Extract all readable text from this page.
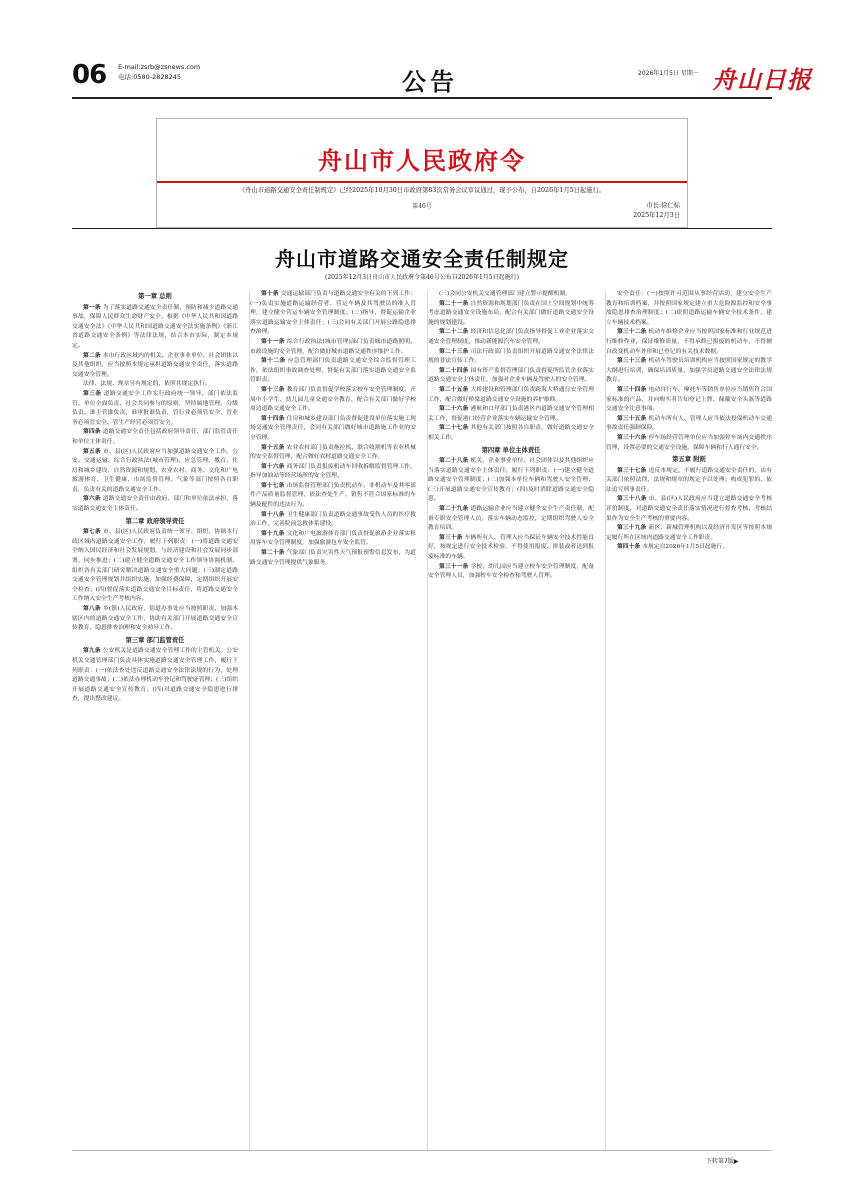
06 E-mail:zsrb@zsnews.com
电话:0580-2828245	公告	2026年1月5日 星期一 舟山日报
舟山市人民政府令
第46号
《舟山市道路交通安全责任制规定》已经2025年10月30日市政府第83次常务会议审议通过，现予公布，自2026年1月5日起施行。
市长:徐仁标
2025年12月3日
舟山市道路交通安全责任制规定
(2025年12月3日舟山市人民政府令第46号公布自2026年1月5日起施行)

第一章 总则

第一条 为了落实道路交通安全责任制，预防和减少道路交通事故，保障人民群众生命财产安全，根据《中华人民共和国道路交通安全法》《中华人民共和国道路交通安全法实施条例》《浙江省道路交通安全条例》等法律法规，结合本市实际，制定本规定。

第二条 本市行政区域内的机关、企业事业单位、社会团体以及其他组织，应当按照本规定承担道路交通安全责任，落实道路交通安全管理。

法律、法规、规章另有规定的，依照其规定执行。

第三条 道路交通安全工作实行政府统一领导、部门依法监管、单位全面负责、社会共同参与的原则，坚持属地管理、分级负责、谁主管谁负责、谁审批谁负责，管行业必须管安全、管业务必须管安全、管生产经营必须管安全。

第四条 道路交通安全责任包括政府领导责任、部门监管责任和单位主体责任。

第五条 市、县(区)人民政府应当加强道路交通安全工作。公安、交通运输、综合行政执法(城市管理)、应急管理、教育、住房和城乡建设、自然资源和规划、农业农村、商务、文化和广电旅游体育、卫生健康、市场监督管理、气象等部门按照各自职责，负责有关的道路交通安全工作。

第六条 道路交通安全责任由政府、部门和单位依法承担，落实道路交通安全主体责任。

第二章 政府领导责任

第七条 市、县(区)人民政府负责统一领导、组织、协调本行政区域内道路交通安全工作，履行下列职责：(一)将道路交通安全纳入国民经济和社会发展规划，与经济建设和社会发展同步部署、同步推进；(二)建立健全道路交通安全工作领导协调机制，组织各有关部门研究解决道路交通安全重大问题；(三)制定道路交通安全管理规划并组织实施，加强经费保障，定期组织开展安全检查；(四)督促落实道路交通安全目标责任，将道路交通安全工作纳入安全生产考核内容。

第八条 乡(镇)人民政府、街道办事处应当按照职责，加强本辖区内的道路交通安全工作，协助有关部门开展道路交通安全宣传教育、隐患排查治理和安全劝导工作。

第三章 部门监管责任

第九条 公安机关是道路交通安全管理工作的主管机关。公安机关交通管理部门负责具体实施道路交通安全管理工作，履行下列职责：(一)依法查处违反道路交通安全法律法规的行为，处理道路交通事故；(二)依法办理机动车登记和驾驶证管理；(三)组织开展道路交通安全宣传教育；(四)对道路交通安全隐患进行排查，提出整改建议。

第十条 交通运输部门负责与道路交通安全有关的下列工作：(一)负责实施道路运输经营者、营运车辆及其驾驶员的准入管理，建立健全营运车辆安全管理制度；(二)指导、督促运输企业落实道路运输安全主体责任；(三)会同有关部门开展公路隐患排查治理。

第十一条 综合行政执法(城市管理)部门负责城市道路照明、市政设施的安全管理，配合做好城市道路交通秩序维护工作。

第十二条 应急管理部门负责道路交通安全综合监督管理工作，依法组织事故调查处理，督促有关部门落实道路交通安全监管职责。

第十三条 教育部门负责督促学校落实校车安全管理制度，开展中小学生、幼儿园儿童交通安全教育，配合有关部门做好学校周边道路交通安全工作。

第十四条 住房和城乡建设部门负责督促建设单位落实施工现场交通安全管理责任，会同有关部门做好城市道路施工作业的安全管理。

第十五条 农业农村部门负责拖拉机、联合收割机等农业机械的安全监督管理，配合做好农村道路交通安全工作。

第十六条 商务部门负责报废机动车回收拆解监督管理工作，指导加油站等经营场所的安全管理。

第十七条 市场监督管理部门负责机动车、非机动车及其零部件产品质量监督管理，依法查处生产、销售不符合国家标准的车辆及配件的违法行为。

第十八条 卫生健康部门负责道路交通事故受伤人员的医疗救治工作，完善院前急救体系建设。

第十九条 文化和广电旅游体育部门负责督促旅游企业落实租用客车安全管理制度，加强旅游包车安全监管。

第二十条 气象部门负责灾害性天气预报预警信息发布，为道路交通安全管理提供气象服务。

(三)会同公安机关交通管理部门建立警示提醒机制。

第二十一条 自然资源和规划部门负责在国土空间规划中统筹考虑道路交通安全设施布局，配合有关部门做好道路交通安全设施的规划建设。

第二十二条 经济和信息化部门负责指导督促工业企业落实交通安全管理制度，推动新能源汽车安全管理。

第二十三条 司法行政部门负责组织开展道路交通安全法律法规的普法宣传工作。

第二十四条 国有资产监督管理部门负责督促所监管企业落实道路交通安全主体责任，加强对企业车辆及驾驶人的安全管理。

第二十五条 大桥建设和管理部门负责跨海大桥通行安全管理工作，配合做好桥梁道路交通安全设施的养护维修。

第二十六条 港航和口岸部门负责港区内道路交通安全管理相关工作，督促港口经营企业落实车辆运输安全管理。

第二十七条 其他有关部门按照各自职责，做好道路交通安全相关工作。

第四章 单位主体责任

第二十八条 机关、企业事业单位、社会团体以及其他组织应当落实道路交通安全主体责任，履行下列职责：(一)建立健全道路交通安全管理制度；(二)加强本单位车辆和驾驶人安全管理；(三)开展道路交通安全宣传教育；(四)及时消除道路交通安全隐患。

第二十九条 道路运输企业应当建立健全安全生产责任制，配备专职安全管理人员，落实车辆动态监控，定期组织驾驶人安全教育培训。

第三十条 车辆所有人、管理人应当保证车辆安全技术性能良好，按规定进行安全技术检验，不得使用报废、拼装或者达到报废标准的车辆。

第三十一条 学校、幼儿园应当建立校车安全管理制度，配备安全管理人员，加强校车安全检查和驾驶人管理。

安全责任：(一)按照许可范围从事经营活动，建立安全生产教育和培训档案，并按照国家规定建立重大危险源监控和安全事故隐患排查治理制度；(二)依照道路运输车辆安全技术条件，建立车辆技术档案。

第三十二条 机动车维修企业应当按照国家标准和行业规范进行维修作业，保证维修质量，不得承修已报废的机动车，不得擅自改变机动车外形和已登记的有关技术数据。

第三十三条 机动车驾驶员培训机构应当按照国家规定的教学大纲进行培训，确保培训质量，加强学员道路交通安全法律法规教育。

第三十四条 电动自行车、摩托车等销售单位应当销售符合国家标准的产品，并向购买者告知登记上牌、佩戴安全头盔等道路交通安全注意事项。

第三十五条 机动车所有人、管理人应当依法投保机动车交通事故责任强制保险。

第三十六条 停车场经营管理单位应当加强停车场内交通秩序管理，设置必要的交通安全设施，保障车辆和行人通行安全。

第五章 附则

第三十七条 违反本规定，不履行道路交通安全责任的，由有关部门依照法律、法规和规章的规定予以处理；构成犯罪的，依法追究刑事责任。

第三十八条 市、县(区)人民政府应当建立道路交通安全考核评价制度，对道路交通安全责任落实情况进行督查考核，考核结果作为安全生产考核的重要内容。

第三十九条 新区、新城管理机构以及经济开发区等按照本规定履行所在区域内道路交通安全工作职责。

第四十条 本规定自2026年1月5日起施行。

下转第7版▶
